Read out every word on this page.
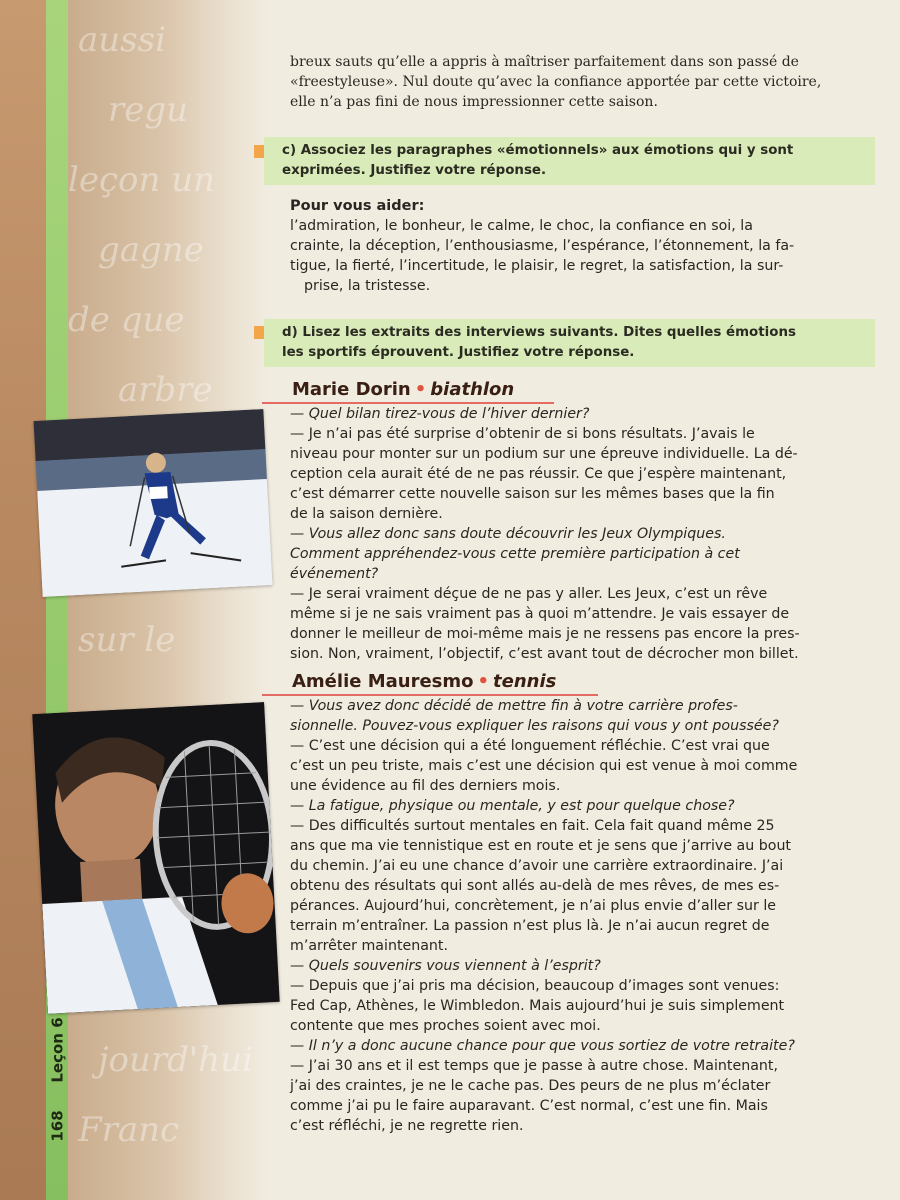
aussi
regu
leçon un
gagne
de que
arbre
sur le
jourd'hui
Franc
Leçon 6
168

breux sauts qu’elle a appris à maîtriser parfaitement dans son passé de
«freestyleuse». Nul doute qu’avec la confiance apportée par cette victoire,
elle n’a pas fini de nous impressionner cette saison.

c) Associez les paragraphes «émotionnels» aux émotions qui y sont
exprimées. Justifiez votre réponse.
Pour vous aider:
l’admiration, le bonheur, le calme, le choc, la confiance en soi, la
crainte, la déception, l’enthousiasme, l’espérance, l’étonnement, la fa-
tigue, la fierté, l’incertitude, le plaisir, le regret, la satisfaction, la sur-
prise, la tristesse.
d) Lisez les extraits des interviews suivants. Dites quelles émotions
les sportifs éprouvent. Justifiez votre réponse.
Marie Dorin • biathlon
— Quel bilan tirez-vous de l’hiver dernier?
— Je n’ai pas été surprise d’obtenir de si bons résultats. J’avais le
niveau pour monter sur un podium sur une épreuve individuelle. La dé-
ception cela aurait été de ne pas réussir. Ce que j’espère maintenant,
c’est démarrer cette nouvelle saison sur les mêmes bases que la fin
de la saison dernière.
— Vous allez donc sans doute découvrir les Jeux Olympiques.
Comment appréhendez-vous cette première participation à cet
événement?
— Je serai vraiment déçue de ne pas y aller. Les Jeux, c’est un rêve
même si je ne sais vraiment pas à quoi m’attendre. Je vais essayer de
donner le meilleur de moi-même mais je ne ressens pas encore la pres-
sion. Non, vraiment, l’objectif, c’est avant tout de décrocher mon billet.
Amélie Mauresmo • tennis
— Vous avez donc décidé de mettre fin à votre carrière profes-
sionnelle. Pouvez-vous expliquer les raisons qui vous y ont poussée?
— C’est une décision qui a été longuement réfléchie. C’est vrai que
c’est un peu triste, mais c’est une décision qui est venue à moi comme
une évidence au fil des derniers mois.
— La fatigue, physique ou mentale, y est pour quelque chose?
— Des difficultés surtout mentales en fait. Cela fait quand même 25
ans que ma vie tennistique est en route et je sens que j’arrive au bout
du chemin. J’ai eu une chance d’avoir une carrière extraordinaire. J’ai
obtenu des résultats qui sont allés au-delà de mes rêves, de mes es-
pérances. Aujourd’hui, concrètement, je n’ai plus envie d’aller sur le
terrain m’entraîner. La passion n’est plus là. Je n’ai aucun regret de
m’arrêter maintenant.
— Quels souvenirs vous viennent à l’esprit?
— Depuis que j’ai pris ma décision, beaucoup d’images sont venues:
Fed Cap, Athènes, le Wimbledon. Mais aujourd’hui je suis simplement
contente que mes proches soient avec moi.
— Il n’y a donc aucune chance pour que vous sortiez de votre retraite?
— J’ai 30 ans et il est temps que je passe à autre chose. Maintenant,
j’ai des craintes, je ne le cache pas. Des peurs de ne plus m’éclater
comme j’ai pu le faire auparavant. C’est normal, c’est une fin. Mais
c’est réfléchi, je ne regrette rien.
